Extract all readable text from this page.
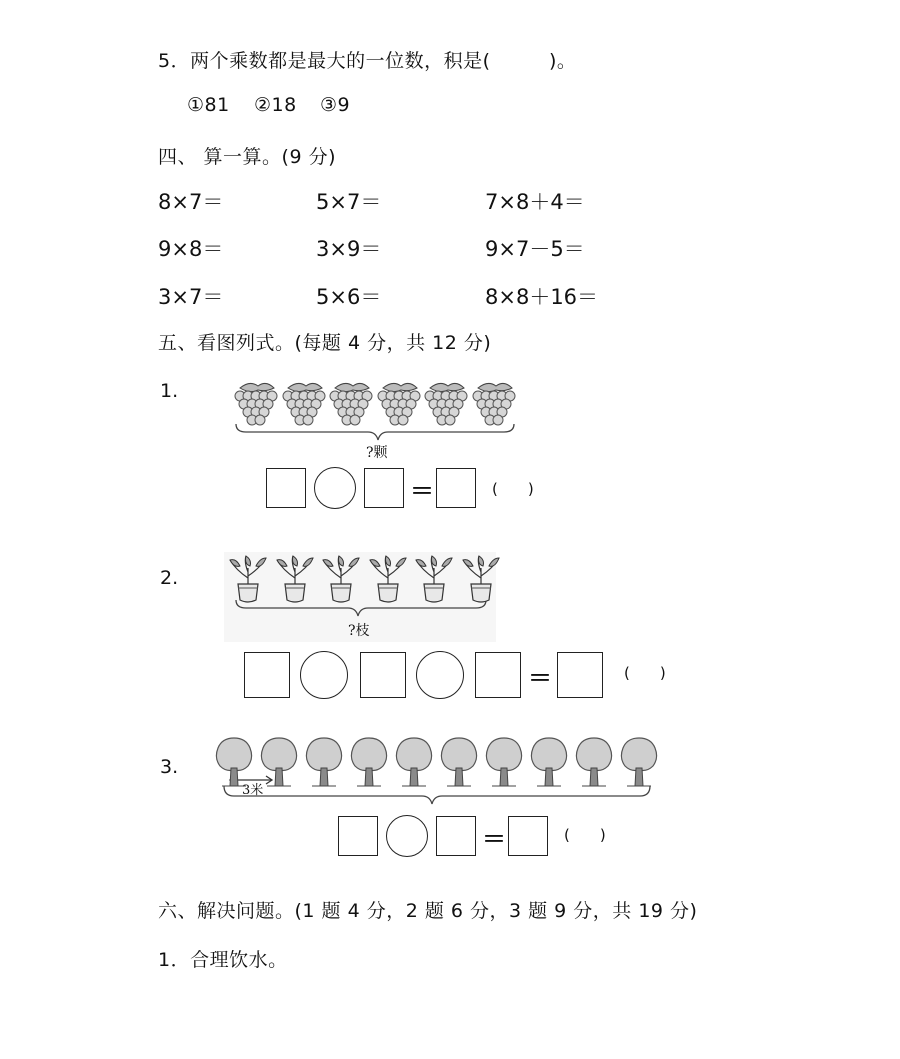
5．两个乘数都是最大的一位数，积是(　　　)。
①81 ②18 ③9
四、 算一算。(9 分)
8×7＝	5×7＝	7×8＋4＝
9×8＝	3×9＝	9×7－5＝
3×7＝	5×6＝	8×8＋16＝
五、看图列式。(每题 4 分，共 12 分)
1.
?颗
＝	(　　)
2.
?枝
＝	(　　)
3.
3米
＝	(　　)
六、解决问题。(1 题 4 分，2 题 6 分，3 题 9 分，共 19 分)
1．合理饮水。
